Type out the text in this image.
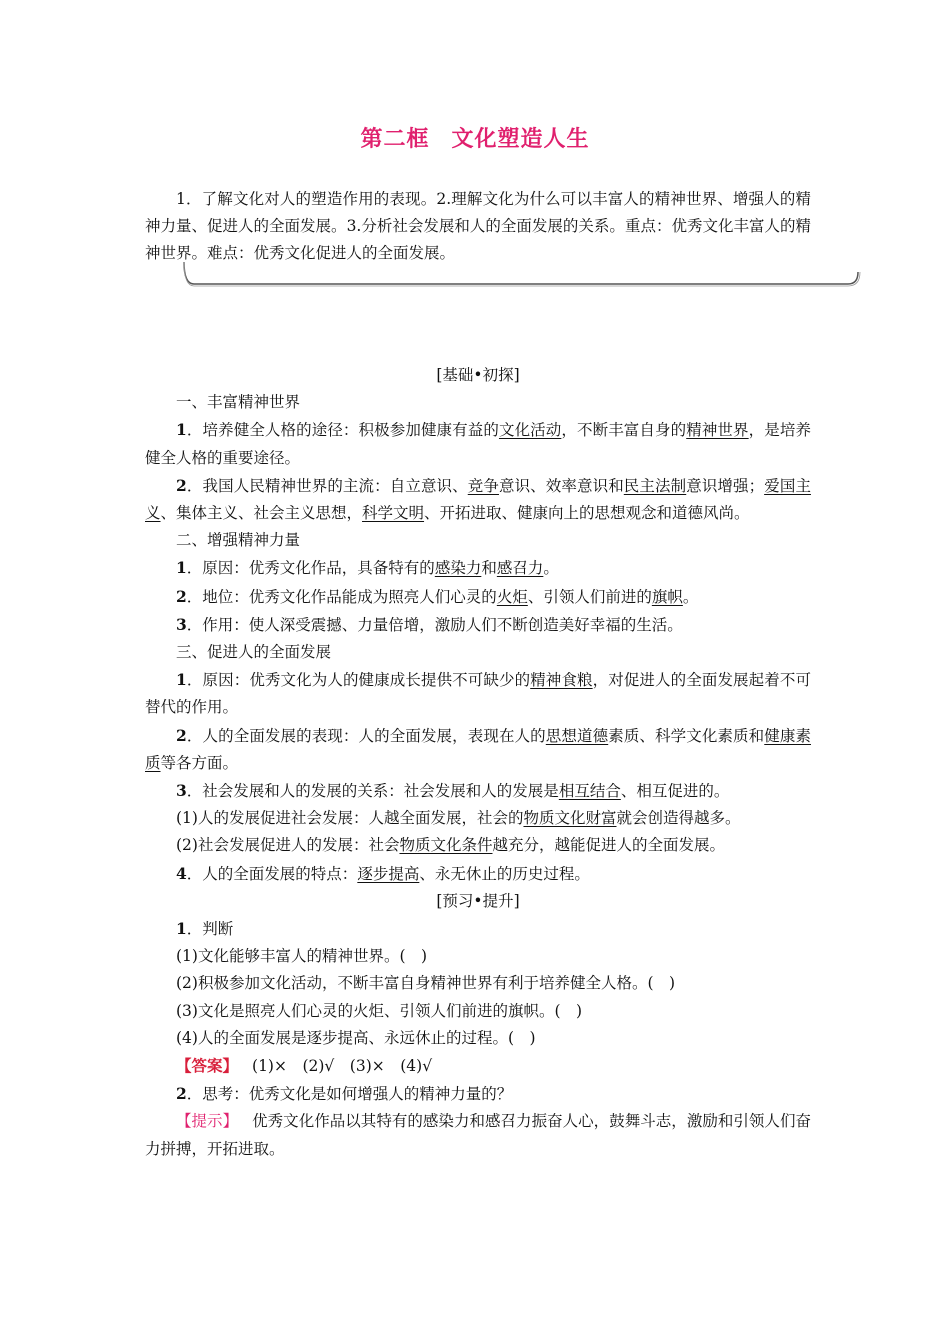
第二框 文化塑造人生
1．了解文化对人的塑造作用的表现。2.理解文化为什么可以丰富人的精神世界、增强人的精神力量、促进人的全面发展。3.分析社会发展和人的全面发展的关系。重点：优秀文化丰富人的精神世界。难点：优秀文化促进人的全面发展。

[基础•初探]

一、丰富精神世界

1．培养健全人格的途径：积极参加健康有益的文化活动，不断丰富自身的精神世界，是培养健全人格的重要途径。

2．我国人民精神世界的主流：自立意识、竞争意识、效率意识和民主法制意识增强；爱国主义、集体主义、社会主义思想，科学文明、开拓进取、健康向上的思想观念和道德风尚。

二、增强精神力量

1．原因：优秀文化作品，具备特有的感染力和感召力。

2．地位：优秀文化作品能成为照亮人们心灵的火炬、引领人们前进的旗帜。

3．作用：使人深受震撼、力量倍增，激励人们不断创造美好幸福的生活。

三、促进人的全面发展

1．原因：优秀文化为人的健康成长提供不可缺少的精神食粮，对促进人的全面发展起着不可替代的作用。

2．人的全面发展的表现：人的全面发展，表现在人的思想道德素质、科学文化素质和健康素质等各方面。

3．社会发展和人的发展的关系：社会发展和人的发展是相互结合、相互促进的。

(1)人的发展促进社会发展：人越全面发展，社会的物质文化财富就会创造得越多。

(2)社会发展促进人的发展：社会物质文化条件越充分，越能促进人的全面发展。

4．人的全面发展的特点：逐步提高、永无休止的历史过程。

[预习•提升]

1．判断

(1)文化能够丰富人的精神世界。(　)

(2)积极参加文化活动，不断丰富自身精神世界有利于培养健全人格。(　)

(3)文化是照亮人们心灵的火炬、引领人们前进的旗帜。(　)

(4)人的全面发展是逐步提高、永远休止的过程。(　)

【答案】 (1)×　(2)√　(3)×　(4)√

2．思考：优秀文化是如何增强人的精神力量的？

【提示】 优秀文化作品以其特有的感染力和感召力振奋人心，鼓舞斗志，激励和引领人们奋力拼搏，开拓进取。
